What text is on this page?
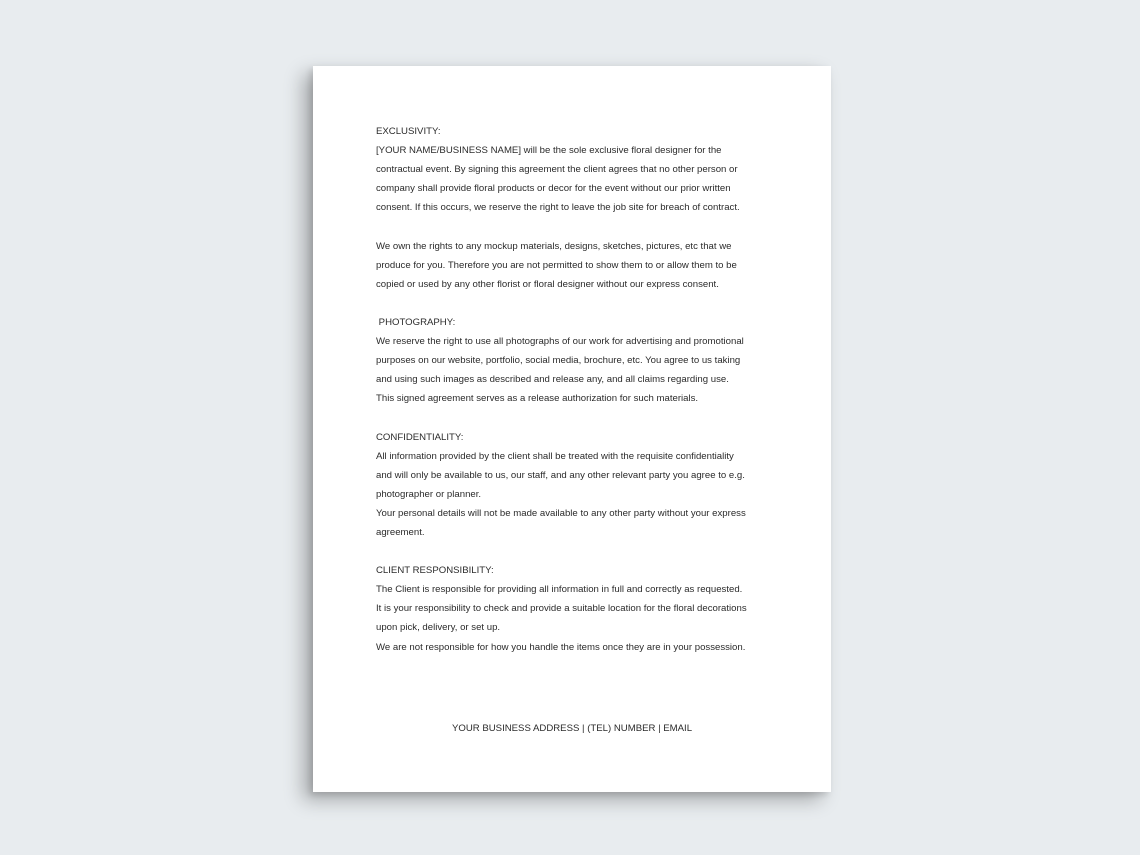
EXCLUSIVITY:
[YOUR NAME/BUSINESS NAME] will be the sole exclusive floral designer for the
contractual event. By signing this agreement the client agrees that no other person or
company shall provide floral products or decor for the event without our prior written
consent. If this occurs, we reserve the right to leave the job site for breach of contract.
We own the rights to any mockup materials, designs, sketches, pictures, etc that we
produce for you. Therefore you are not permitted to show them to or allow them to be
copied or used by any other florist or floral designer without our express consent.
PHOTOGRAPHY:
We reserve the right to use all photographs of our work for advertising and promotional
purposes on our website, portfolio, social media, brochure, etc. You agree to us taking
and using such images as described and release any, and all claims regarding use.
This signed agreement serves as a release authorization for such materials.
CONFIDENTIALITY:
All information provided by the client shall be treated with the requisite confidentiality
and will only be available to us, our staff, and any other relevant party you agree to e.g.
photographer or planner.
Your personal details will not be made available to any other party without your express
agreement.
CLIENT RESPONSIBILITY:
The Client is responsible for providing all information in full and correctly as requested.
It is your responsibility to check and provide a suitable location for the floral decorations
upon pick, delivery, or set up.
We are not responsible for how you handle the items once they are in your possession.
YOUR BUSINESS ADDRESS | (TEL) NUMBER | EMAIL
